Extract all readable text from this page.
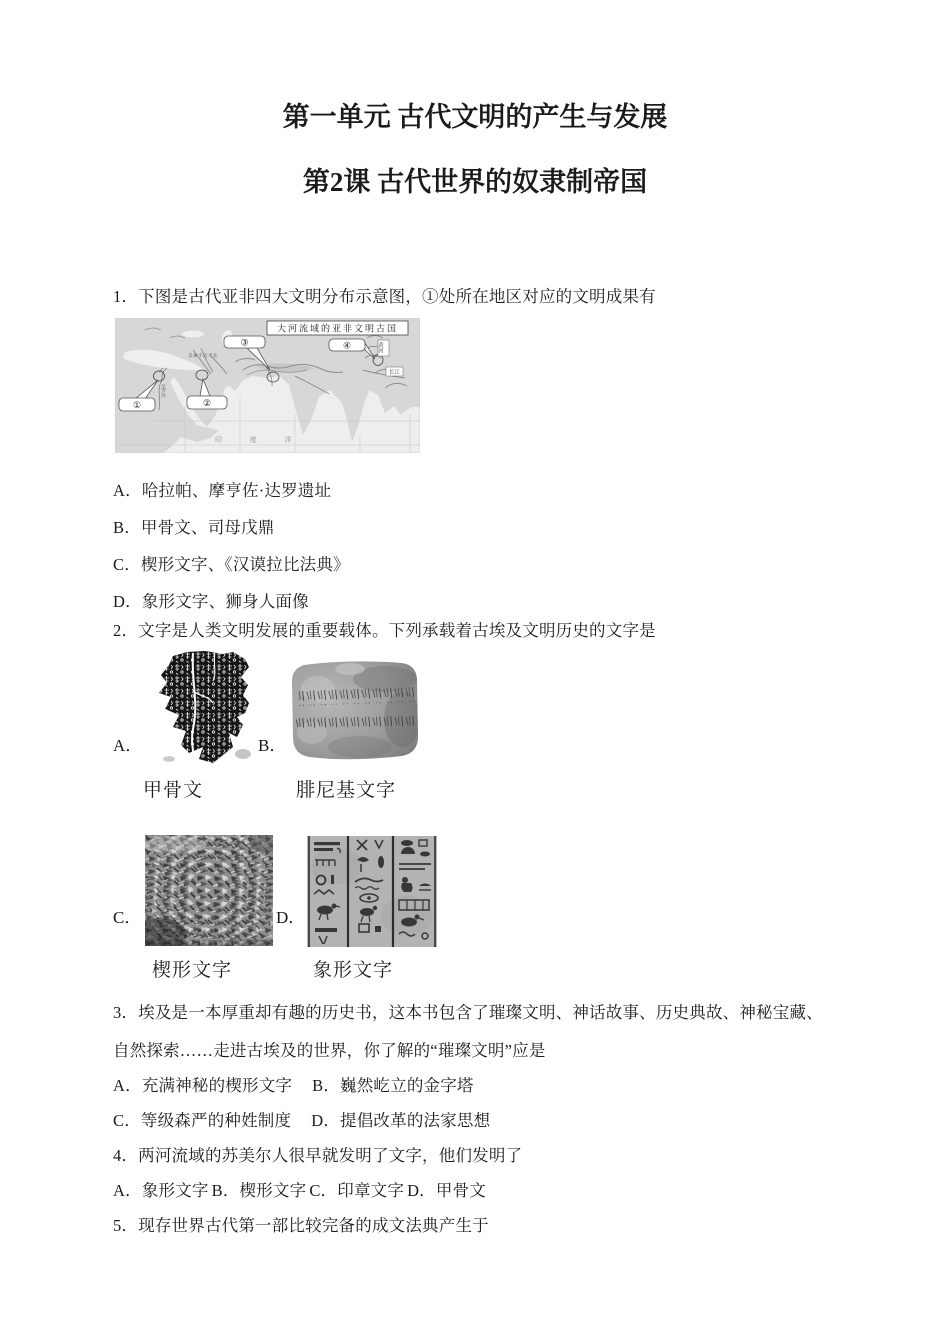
第一单元 古代文明的产生与发展
第2课 古代世界的奴隶制帝国
1．下图是古代亚非四大文明分布示意图，①处所在地区对应的文明成果有
①	②
③	④
大河流域的亚非文明古国
黄河
长江
美索不达米亚
尼罗河
印 度 洋
A．哈拉帕、摩亨佐·达罗遗址
B．甲骨文、司母戊鼎
C．楔形文字、《汉谟拉比法典》
D．象形文字、狮身人面像
2．文字是人类文明发展的重要载体。下列承载着古埃及文明历史的文字是
A．	B．
甲骨文	腓尼基文字
C．	D．
楔形文字	象形文字
3．埃及是一本厚重却有趣的历史书，这本书包含了璀璨文明、神话故事、历史典故、神秘宝藏、
自然探索……走进古埃及的世界，你了解的“璀璨文明”应是
A．充满神秘的楔形文字 B．巍然屹立的金字塔
C．等级森严的种姓制度 D．提倡改革的法家思想
4．两河流域的苏美尔人很早就发明了文字，他们发明了
A．象形文字 B．楔形文字 C．印章文字 D．甲骨文
5．现存世界古代第一部比较完备的成文法典产生于
